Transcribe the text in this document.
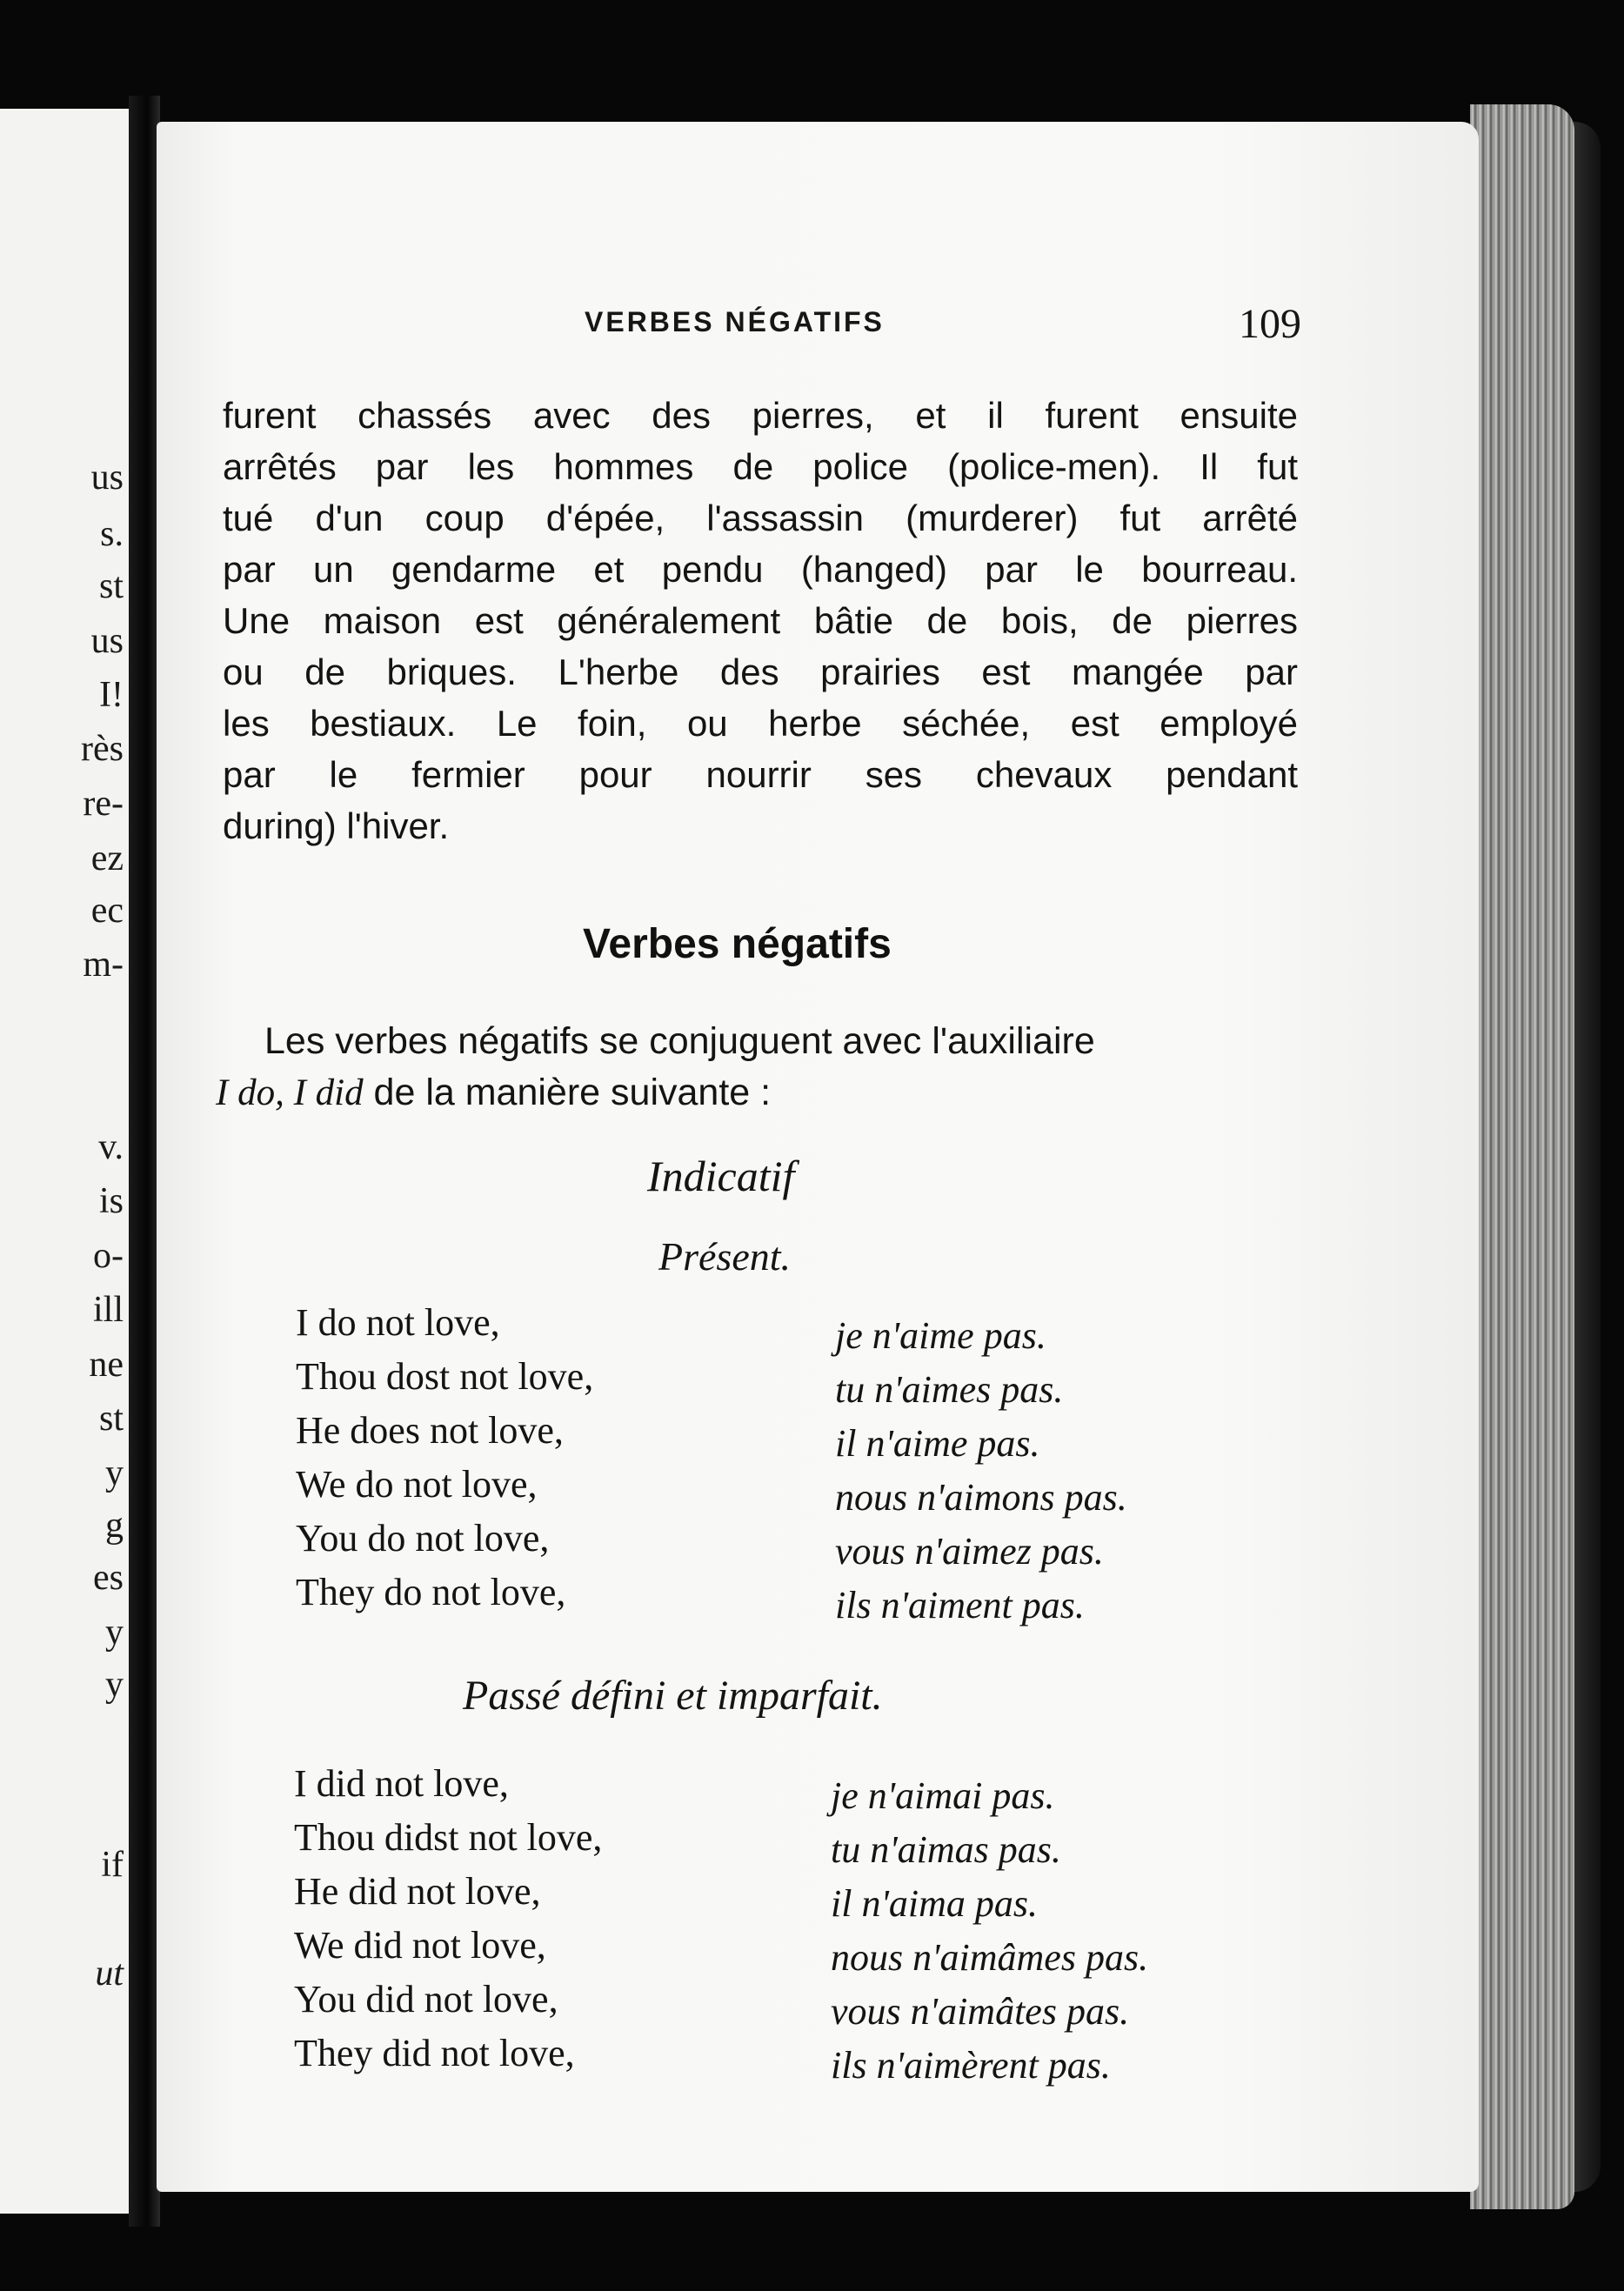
us
s.
st
us
I!
rès
re-
ez
ec
m-
v.
is
o-
ill
ne
st
y
g
es
y
y
if
ut
VERBES NÉGATIFS	109
furent chassés avec des pierres, et il furent ensuite
arrêtés par les hommes de police (police-men). Il fut
tué d'un coup d'épée, l'assassin (murderer) fut arrêté
par un gendarme et pendu (hanged) par le bourreau.
Une maison est généralement bâtie de bois, de pierres
ou de briques. L'herbe des prairies est mangée par
les bestiaux. Le foin, ou herbe séchée, est employé
par le fermier pour nourrir ses chevaux pendant
during) l'hiver.
Verbes négatifs
Les verbes négatifs se conjuguent avec l'auxiliaire
I do, I did de la manière suivante :
Indicatif
Présent.
I do not love,
Thou dost not love,
He does not love,
We do not love,
You do not love,
They do not love,
je n'aime pas.
tu n'aimes pas.
il n'aime pas.
nous n'aimons pas.
vous n'aimez pas.
ils n'aiment pas.
Passé défini et imparfait.
I did not love,
Thou didst not love,
He did not love,
We did not love,
You did not love,
They did not love,
je n'aimai pas.
tu n'aimas pas.
il n'aima pas.
nous n'aimâmes pas.
vous n'aimâtes pas.
ils n'aimèrent pas.
